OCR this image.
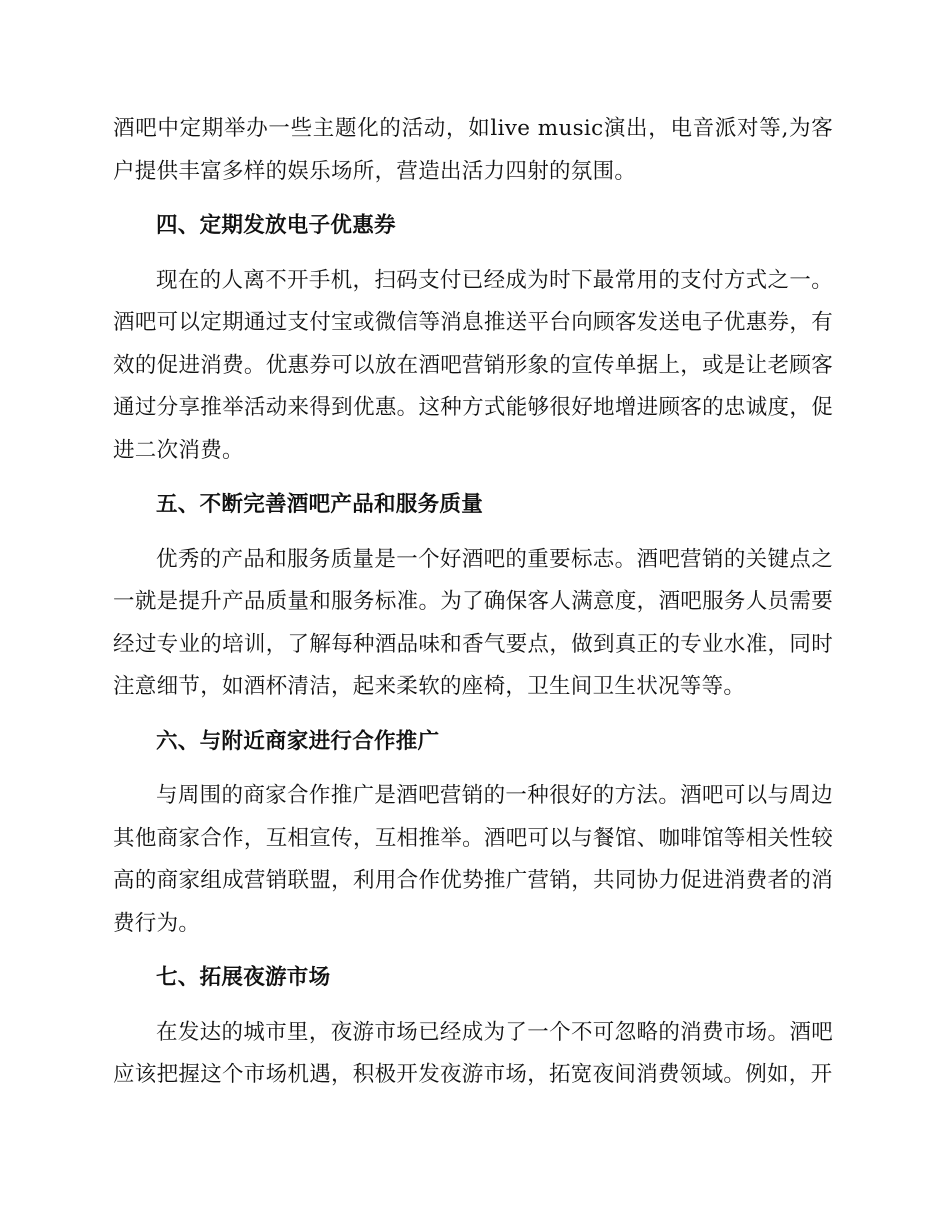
酒吧中定期举办一些主题化的活动，如live music演出，电音派对等,为客户提供丰富多样的娱乐场所，营造出活力四射的氛围。

四、定期发放电子优惠券

现在的人离不开手机，扫码支付已经成为时下最常用的支付方式之一。酒吧可以定期通过支付宝或微信等消息推送平台向顾客发送电子优惠券，有效的促进消费。优惠券可以放在酒吧营销形象的宣传单据上，或是让老顾客通过分享推举活动来得到优惠。这种方式能够很好地增进顾客的忠诚度，促进二次消费。

五、不断完善酒吧产品和服务质量

优秀的产品和服务质量是一个好酒吧的重要标志。酒吧营销的关键点之一就是提升产品质量和服务标准。为了确保客人满意度，酒吧服务人员需要经过专业的培训，了解每种酒品味和香气要点，做到真正的专业水准，同时注意细节，如酒杯清洁，起来柔软的座椅，卫生间卫生状况等等。

六、与附近商家进行合作推广

与周围的商家合作推广是酒吧营销的一种很好的方法。酒吧可以与周边其他商家合作，互相宣传，互相推举。酒吧可以与餐馆、咖啡馆等相关性较高的商家组成营销联盟，利用合作优势推广营销，共同协力促进消费者的消费行为。

七、拓展夜游市场

在发达的城市里，夜游市场已经成为了一个不可忽略的消费市场。酒吧应该把握这个市场机遇，积极开发夜游市场，拓宽夜间消费领域。例如，开
